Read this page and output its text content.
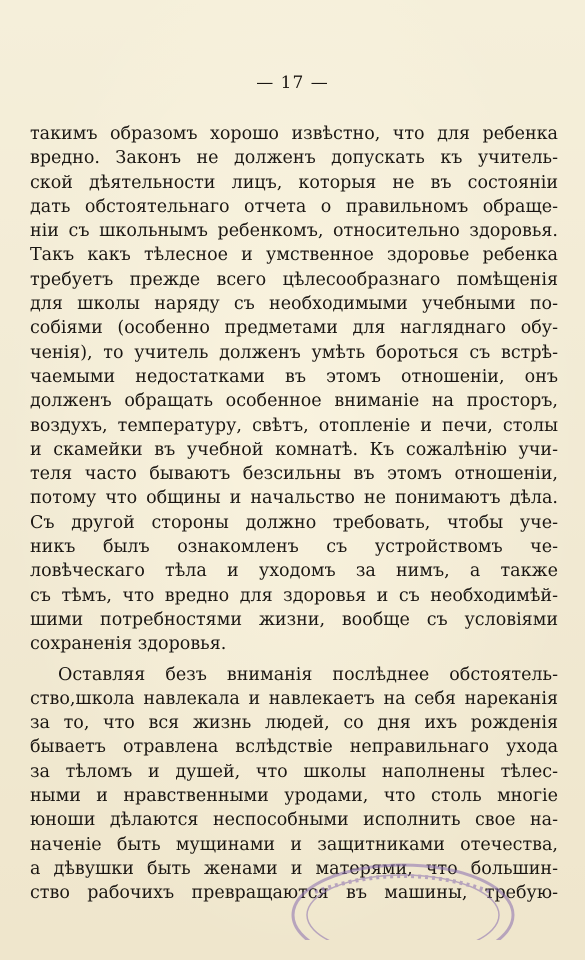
— 17 —
такимъ образомъ хорошо извѣстно, что для ребенка
вредно. Законъ не долженъ допускать къ учитель-
ской дѣятельности лицъ, которыя не въ состояніи
дать обстоятельнаго отчета о правильномъ обраще-
ніи съ школьнымъ ребенкомъ, относительно здоровья.
Такъ какъ тѣлесное и умственное здоровье ребенка
требуетъ прежде всего цѣлесообразнаго помѣщенія
для школы наряду съ необходимыми учебными по-
собіями (особенно предметами для нагляднаго обу-
ченія), то учитель долженъ умѣть бороться съ встрѣ-
чаемыми недостатками въ этомъ отношеніи, онъ
долженъ обращать особенное вниманіе на просторъ,
воздухъ, температуру, свѣтъ, отопленіе и печи, столы
и скамейки въ учебной комнатѣ. Къ сожалѣнію учи-
теля часто бываютъ безсильны въ этомъ отношеніи,
потому что общины и начальство не понимаютъ дѣла.
Съ другой стороны должно требовать, чтобы уче-
никъ былъ ознакомленъ съ устройствомъ че-
ловѣческаго тѣла и уходомъ за нимъ, а также
съ тѣмъ, что вредно для здоровья и съ необходимѣй-
шими потребностями жизни, вообще съ условіями
сохраненія здоровья.
Оставляя безъ вниманія послѣднее обстоятель-
ство,школа навлекала и навлекаетъ на себя нареканія
за то, что вся жизнь людей, со дня ихъ рожденія
бываетъ отравлена вслѣдствіе неправильнаго ухода
за тѣломъ и душей, что школы наполнены тѣлес-
ными и нравственными уродами, что столь многіе
юноши дѣлаются неспособными исполнить свое на-
наченіе быть мущинами и защитниками отечества,
а дѣвушки быть женами и матерями, что большин-
ство рабочихъ превращаются въ машины, требую-
